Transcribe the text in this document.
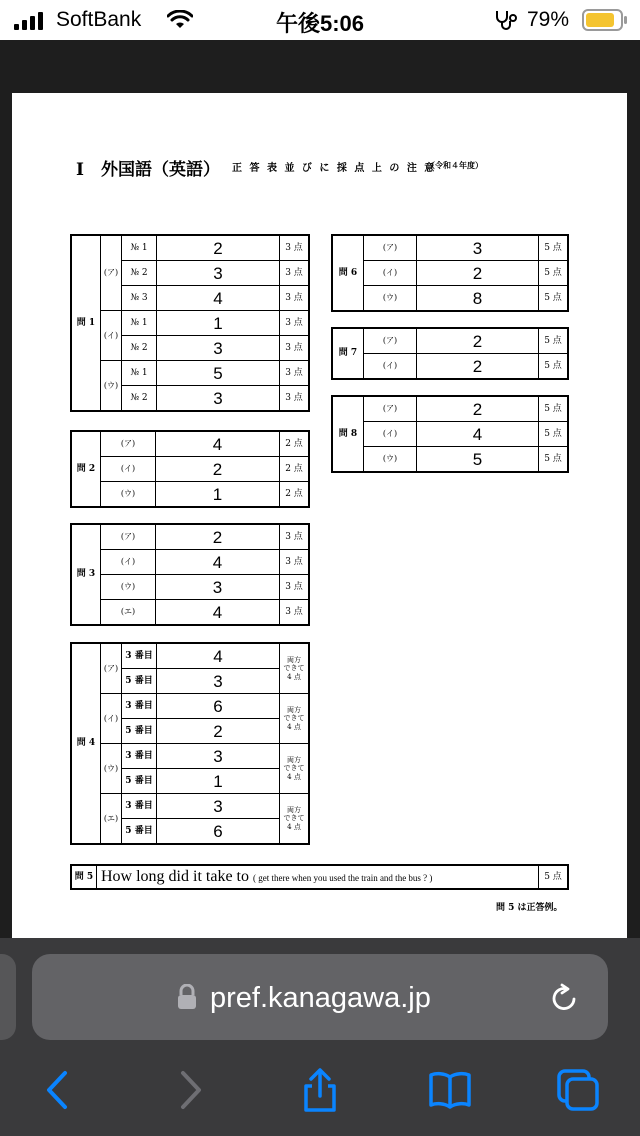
SoftBank	午後5:06	79%
I　外国語（英語） 正 答 表 並 び に 採 点 上 の 注 意
（令和４年度）
問 1	(ア)	№ 1	2	3 点
		№ 2	3	3 点
		№ 3	4	3 点
	(イ)	№ 1	1	3 点
		№ 2	3	3 点
	(ウ)	№ 1	5	3 点
		№ 2	3	3 点
問 2	(ア)	4	2 点
	(イ)	2	2 点
	(ウ)	1	2 点
問 3	(ア)	2	3 点
	(イ)	4	3 点
	(ウ)	3	3 点
	(エ)	4	3 点
問 4	(ア)	3 番目	4	両方
できて
4 点
		5 番目	3	
	(イ)	3 番目	6	両方
できて
4 点
		5 番目	2	
	(ウ)	3 番目	3	両方
できて
4 点
		5 番目	1	
	(エ)	3 番目	3	両方
できて
4 点
		5 番目	6	
問 5	How long did it take to ( get there when you used the train and the bus ? )	5 点
問 5 は正答例。
問 6	(ア)	3	5 点
	(イ)	2	5 点
	(ウ)	8	5 点
問 7	(ア)	2	5 点
	(イ)	2	5 点
問 8	(ア)	2	5 点
	(イ)	4	5 点
	(ウ)	5	5 点
pref.kanagawa.jp
